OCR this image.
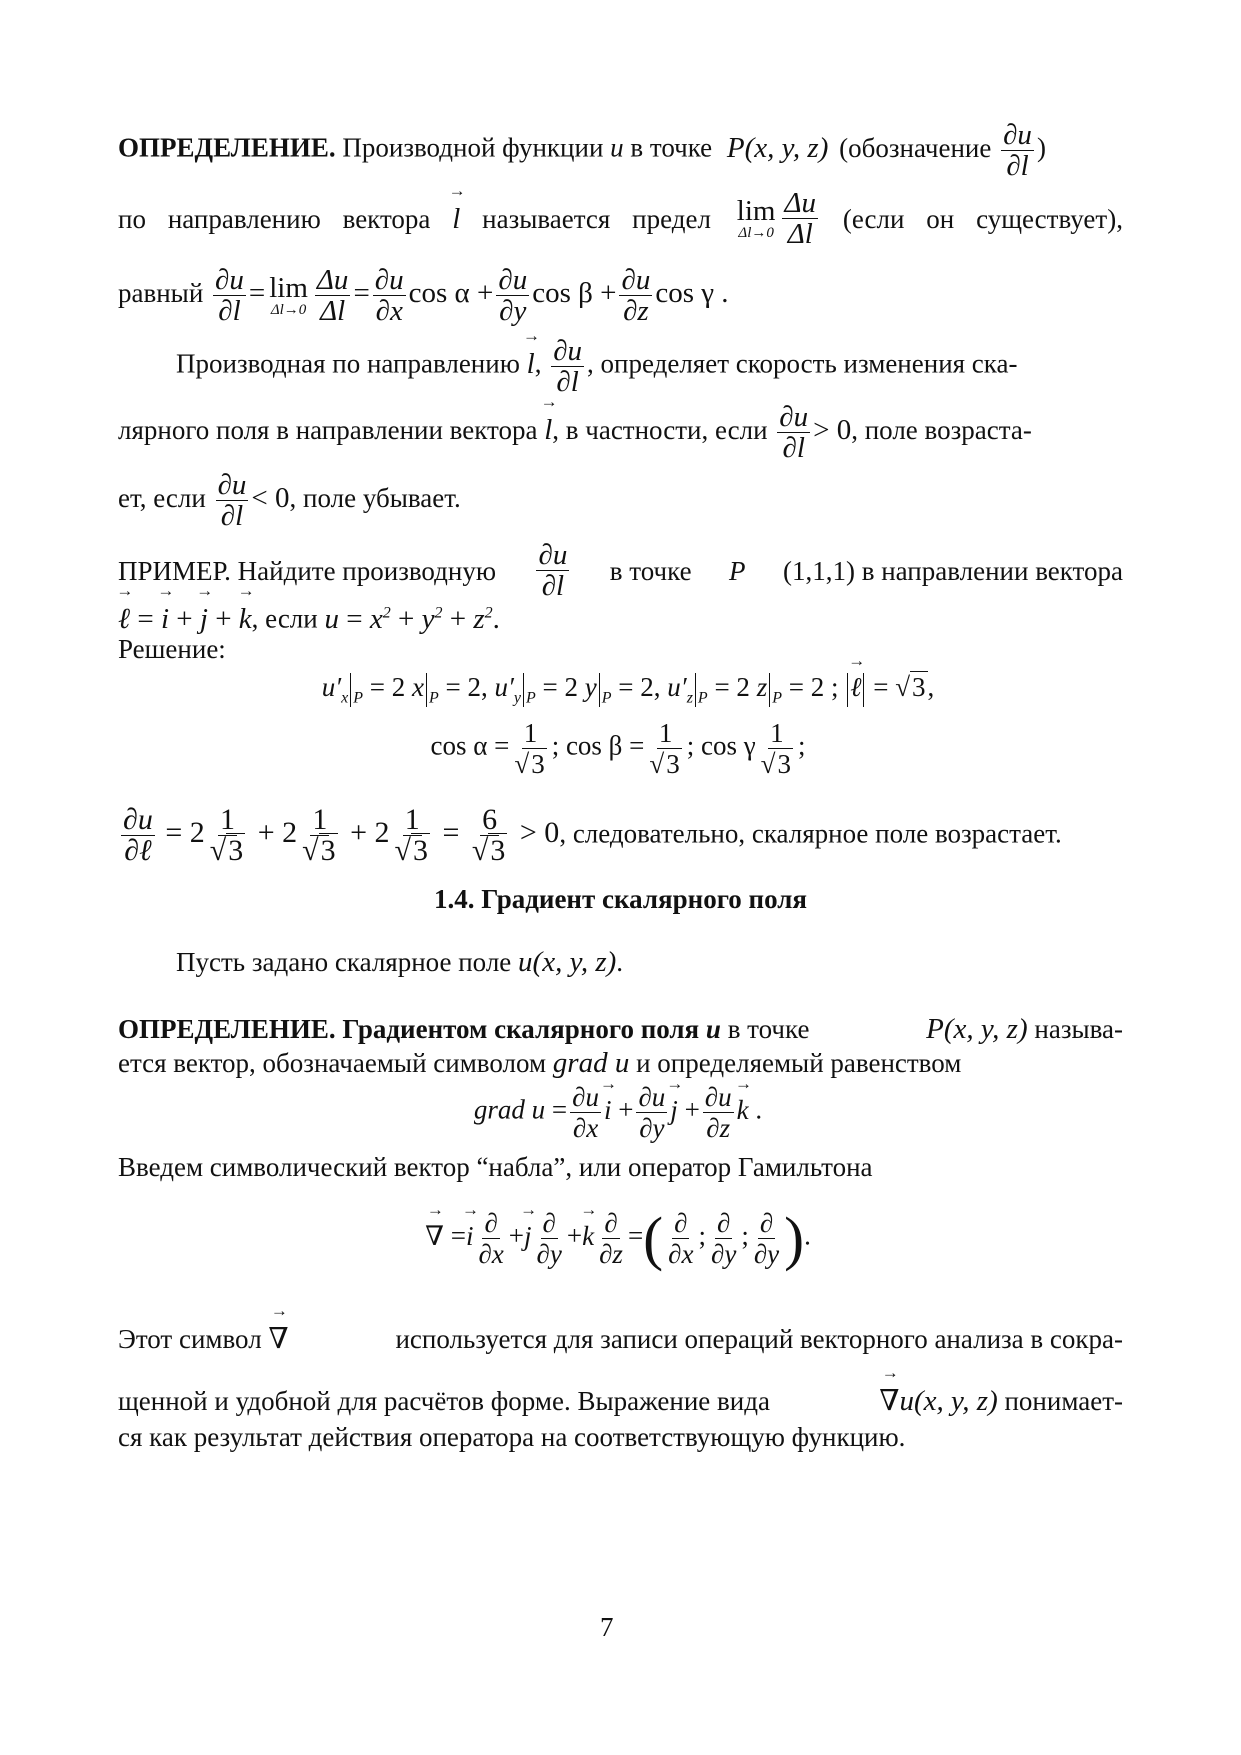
ОПРЕДЕЛЕНИЕ. Производной функции u в точке P(x, y, z) (обозначение $\frac{\partial u}{\partial l}$ )
по направлению вектора
→ l называется предел lim
$\Delta l\to 0 \frac{\Delta u}{\Delta l}$ (если он существует),
равный $\frac{\partial u}{\partial l} = \lim$
$\Delta l\to 0 \frac{\Delta u}{\Delta l} = \frac{\partial u}{\partial x}$ $\cos \alpha + \frac{\partial u}{\partial y}$ $\cos \beta + \frac{\partial u}{\partial z}$ cos γ .
Производная по направлению → l, $\frac{\partial u}{\partial l}$ , определяет скорость изменения ска-
лярного поля в направлении вектора → l, в частности, если $\frac{\partial u}{\partial l} > 0$, поле возраста-
ет, если $\frac{\partial u}{\partial l} < 0$, поле убывает.
ПРИМЕР. Найдите производную $\frac{\partial u}{\partial l}$ в точке P (1,1,1) в направлении вектора
→ ℓ = → i + → j + → k, если $u = x^2 + y^2 + z^2$.
Решение:
$u'_x$ $_P$ = 2 x $_P$ = 2, $u'_y$ $_P$ = 2 y $_P$ = 2, $u'_z$ $_P$ = 2 z $_P$ = 2 ; → ℓ = √3,
$\cos \alpha = \frac{1}{√3}$ ; $\cos \beta = \frac{1}{√3}$ ; cos γ $\frac{1}{√3}$ ;
$\frac{\partial u}{\text{∂ℓ}} = 2 \frac{1}{√3} + 2 \frac{1}{√3} + 2 \frac{1}{√3} = \frac{6}{√3} > 0$, следовательно, скалярное поле возрастает.
1.4. Градиент скалярного поля
Пусть задано скалярное поле u(x, y, z).
ОПРЕДЕЛЕНИЕ. Градиентом скалярного поля u в точке	P(x, y, z) называ-
ется вектор, обозначаемый символом grad u и определяемый равенством
grad $u = \frac{\partial u}{\partial x}$
→ $i + \frac{\partial u}{\partial y}$
→ $j + \frac{\partial u}{\partial z}$
→ k .
Введем символический вектор “набла”, или оператор Гамильтона
→ ∇ =→ i $\frac{\partial}{\partial x} +\to j \frac{\partial}{\partial y} +\to k \frac{\partial}{\partial z}$ =( $\frac{\partial}{\partial x}$ ; $\frac{\partial}{\partial y}$ ; $\frac{\partial}{\partial y}$ ).
Этот символ → ∇	используется для записи операций векторного анализа в сокра-
щенной и удобной для расчётов форме. Выражение вида
→	∇u(x, y, z) понимает-
ся как результат действия оператора на соответствующую функцию.
7
